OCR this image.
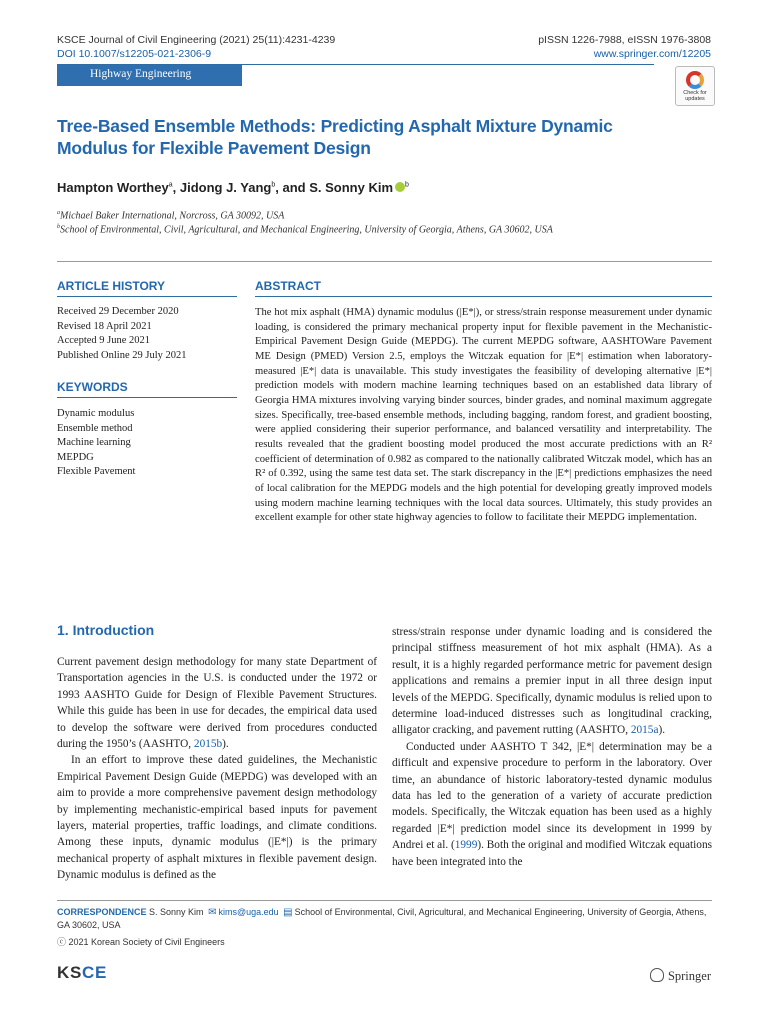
KSCE Journal of Civil Engineering (2021) 25(11):4231-4239
DOI 10.1007/s12205-021-2306-9
pISSN 1226-7988, eISSN 1976-3808
www.springer.com/12205
Highway Engineering
Check for updates
Tree-Based Ensemble Methods: Predicting Asphalt Mixture Dynamic Modulus for Flexible Pavement Design
Hampton Worthey$^a$, Jidong J. Yang$^b$, and S. Sonny Kim $^b$
$^a$Michael Baker International, Norcross, GA 30092, USA
$^b$School of Environmental, Civil, Agricultural, and Mechanical Engineering, University of Georgia, Athens, GA 30602, USA
ARTICLE HISTORY
Received 29 December 2020
Revised 18 April 2021
Accepted 9 June 2021
Published Online 29 July 2021
KEYWORDS
Dynamic modulus
Ensemble method
Machine learning
MEPDG
Flexible Pavement
ABSTRACT
The hot mix asphalt (HMA) dynamic modulus (|E*|), or stress/strain response measurement under dynamic loading, is considered the primary mechanical property input for flexible pavement in the Mechanistic-Empirical Pavement Design Guide (MEPDG). The current MEPDG software, AASHTOWare Pavement ME Design (PMED) Version 2.5, employs the Witczak equation for |E*| estimation when laboratory-measured |E*| data is unavailable. This study investigates the feasibility of developing alternative |E*| prediction models with modern machine learning techniques based on an established data library of Georgia HMA mixtures involving varying binder sources, binder grades, and nominal maximum aggregate sizes. Specifically, tree-based ensemble methods, including bagging, random forest, and gradient boosting, were applied considering their superior performance, and balanced versatility and interpretability. The results revealed that the gradient boosting model produced the most accurate predictions with an R² coefficient of determination of 0.982 as compared to the nationally calibrated Witczak model, which has an R² of 0.392, using the same test data set. The stark discrepancy in the |E*| predictions emphasizes the need of local calibration for the MEPDG models and the high potential for developing greatly improved models using modern machine learning techniques with the local data sources. Ultimately, this study provides an excellent example for other state highway agencies to follow to facilitate their MEPDG implementation.
1. Introduction

Current pavement design methodology for many state Department of Transportation agencies in the U.S. is conducted under the 1972 or 1993 AASHTO Guide for Design of Flexible Pavement Structures. While this guide has been in use for decades, the empirical data used to develop the software were derived from procedures conducted during the 1950’s (AASHTO, 2015b).

In an effort to improve these dated guidelines, the Mechanistic Empirical Pavement Design Guide (MEPDG) was developed with an aim to provide a more comprehensive pavement design methodology by implementing mechanistic-empirical based inputs for pavement layers, material properties, traffic loadings, and climate conditions. Among these inputs, dynamic modulus (|E*|) is the primary mechanical property of asphalt mixtures in flexible pavement design. Dynamic modulus is defined as the

stress/strain response under dynamic loading and is considered the principal stiffness measurement of hot mix asphalt (HMA). As a result, it is a highly regarded performance metric for pavement design applications and remains a premier input in all three design input levels of the MEPDG. Specifically, dynamic modulus is relied upon to determine load-induced distresses such as longitudinal cracking, alligator cracking, and pavement rutting (AASHTO, 2015a).

Conducted under AASHTO T 342, |E*| determination may be a difficult and expensive procedure to perform in the laboratory. Over time, an abundance of historic laboratory-tested dynamic modulus data has led to the generation of a variety of accurate prediction models. Specifically, the Witczak equation has been used as a highly regarded |E*| prediction model since its development in 1999 by Andrei et al. (1999). Both the original and modified Witczak equations have been integrated into the

CORRESPONDENCE S. Sonny Kim ✉ kims@uga.edu ▤ School of Environmental, Civil, Agricultural, and Mechanical Engineering, University of Georgia, Athens, GA 30602, USA
ⓒ 2021 Korean Society of Civil Engineers
K S C E	Springer
